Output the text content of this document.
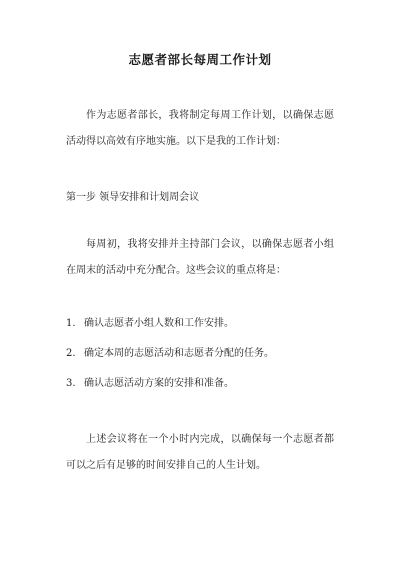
志愿者部长每周工作计划

作为志愿者部长，我将制定每周工作计划，以确保志愿活动得以高效有序地实施。以下是我的工作计划：

第一步 领导安排和计划周会议

每周初，我将安排并主持部门会议，以确保志愿者小组在周末的活动中充分配合。这些会议的重点将是：

1. 确认志愿者小组人数和工作安排。
2. 确定本周的志愿活动和志愿者分配的任务。
3. 确认志愿活动方案的安排和准备。

上述会议将在一个小时内完成，以确保每一个志愿者都可以之后有足够的时间安排自己的人生计划。
